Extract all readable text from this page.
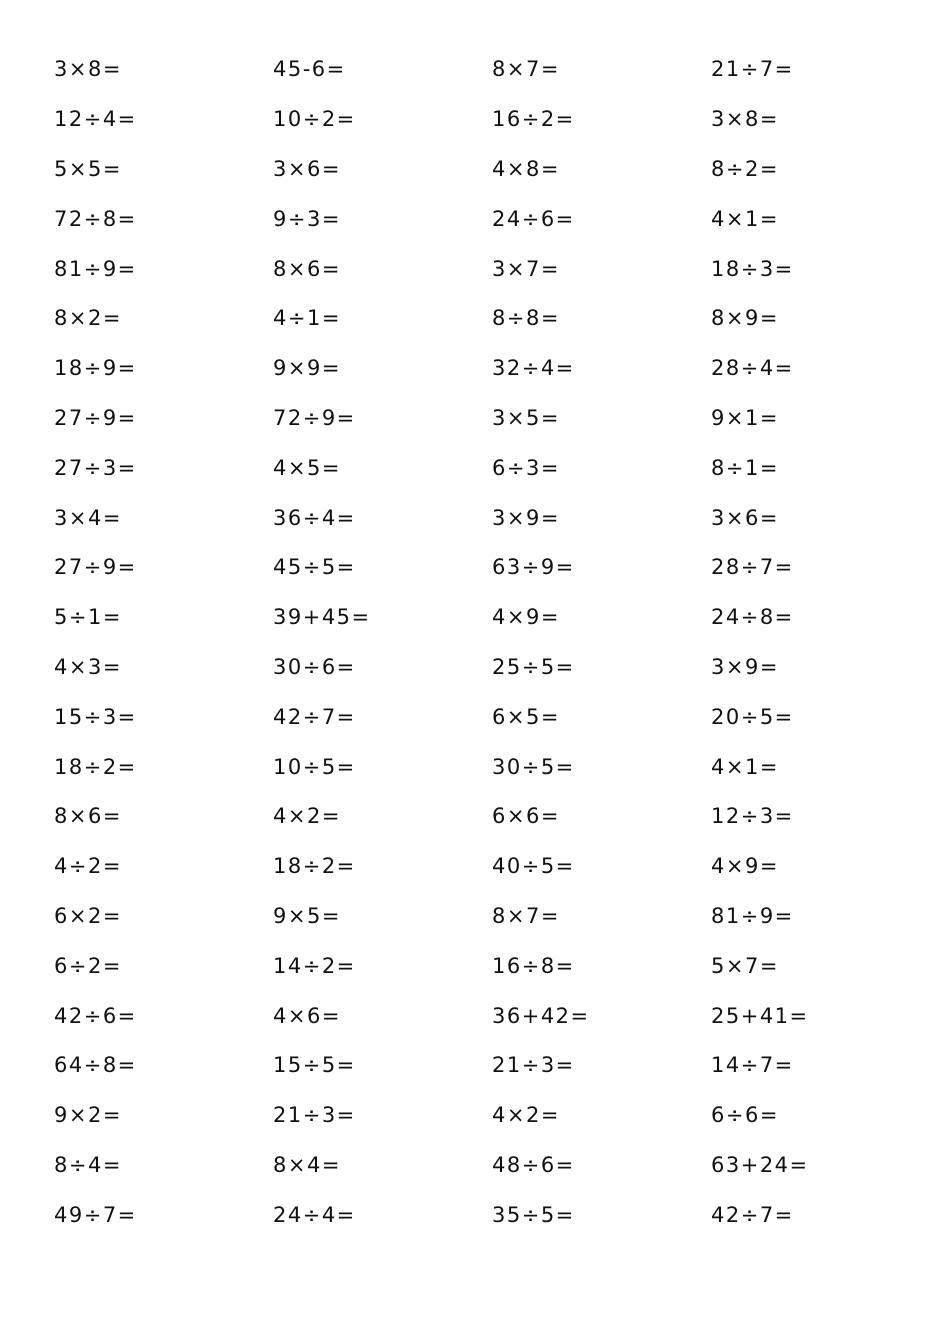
3×8=	45-6=	8×7=	21÷7=
12÷4=	10÷2=	16÷2=	3×8=
5×5=	3×6=	4×8=	8÷2=
72÷8=	9÷3=	24÷6=	4×1=
81÷9=	8×6=	3×7=	18÷3=
8×2=	4÷1=	8÷8=	8×9=
18÷9=	9×9=	32÷4=	28÷4=
27÷9=	72÷9=	3×5=	9×1=
27÷3=	4×5=	6÷3=	8÷1=
3×4=	36÷4=	3×9=	3×6=
27÷9=	45÷5=	63÷9=	28÷7=
5÷1=	39+45=	4×9=	24÷8=
4×3=	30÷6=	25÷5=	3×9=
15÷3=	42÷7=	6×5=	20÷5=
18÷2=	10÷5=	30÷5=	4×1=
8×6=	4×2=	6×6=	12÷3=
4÷2=	18÷2=	40÷5=	4×9=
6×2=	9×5=	8×7=	81÷9=
6÷2=	14÷2=	16÷8=	5×7=
42÷6=	4×6=	36+42=	25+41=
64÷8=	15÷5=	21÷3=	14÷7=
9×2=	21÷3=	4×2=	6÷6=
8÷4=	8×4=	48÷6=	63+24=
49÷7=	24÷4=	35÷5=	42÷7=
